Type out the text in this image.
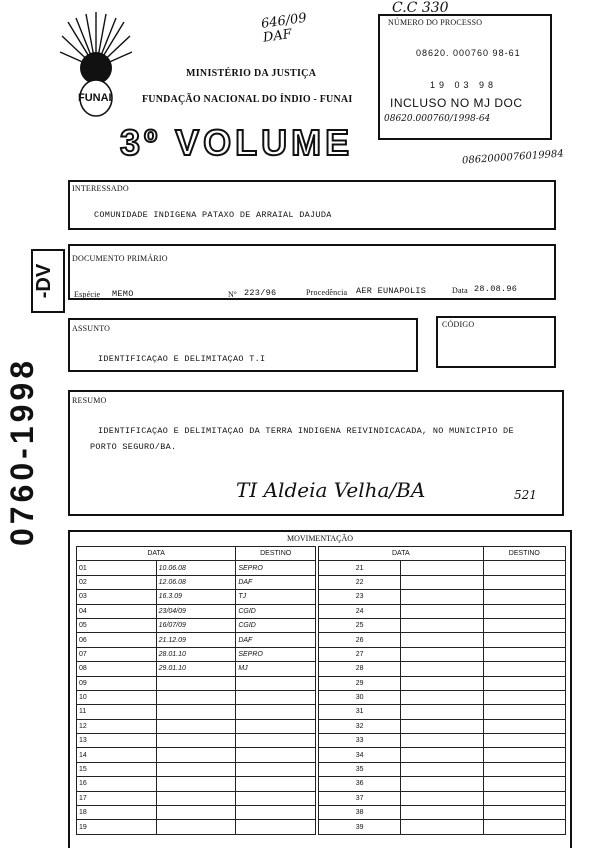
FUNAI
MINISTÉRIO DA JUSTIÇA
FUNDAÇÃO NACIONAL DO ÍNDIO - FUNAI
646/09 DAF
NÚMERO DO PROCESSO
08620. 000760 98-61
19 03 98
INCLUSO NO MJ DOC
08620.000760/1998-64
C.C 330
3º VOLUME	0862000076019984
INTERESSADO
COMUNIDADE INDIGENA PATAXO DE ARRAIAL DAJUDA
DOCUMENTO PRIMÁRIO
Espécie MEMO	Nº 223/96	Procedência AER EUNAPOLIS	Data 28.08.96
ASSUNTO
IDENTIFICAÇAO E DELIMITAÇAO T.I
CÓDIGO
RESUMO
IDENTIFICAÇAO E DELIMITAÇAO DA TERRA INDIGENA REIVINDICACADA, NO MUNICIPIO DE
PORTO SEGURO/BA.
TI Aldeia Velha/BA	521
0760-1998
-DV
MOVIMENTAÇÃO
DATA		DESTINO
01	10.06.08	SEPRO
02	12.06.08	DAF
03	16.3.09	TJ
04	23/04/09	CGID
05	16/07/09	CGID
06	21.12.09	DAF
07	28.01.10	SEPRO
08	29.01.10	MJ
09		
10		
11		
12		
13		
14		
15		
16		
17		
18		
19		
DATA		DESTINO
21		
22		
23		
24		
25		
26		
27		
28		
29		
30		
31		
32		
33		
34		
35		
36		
37		
38		
39		
